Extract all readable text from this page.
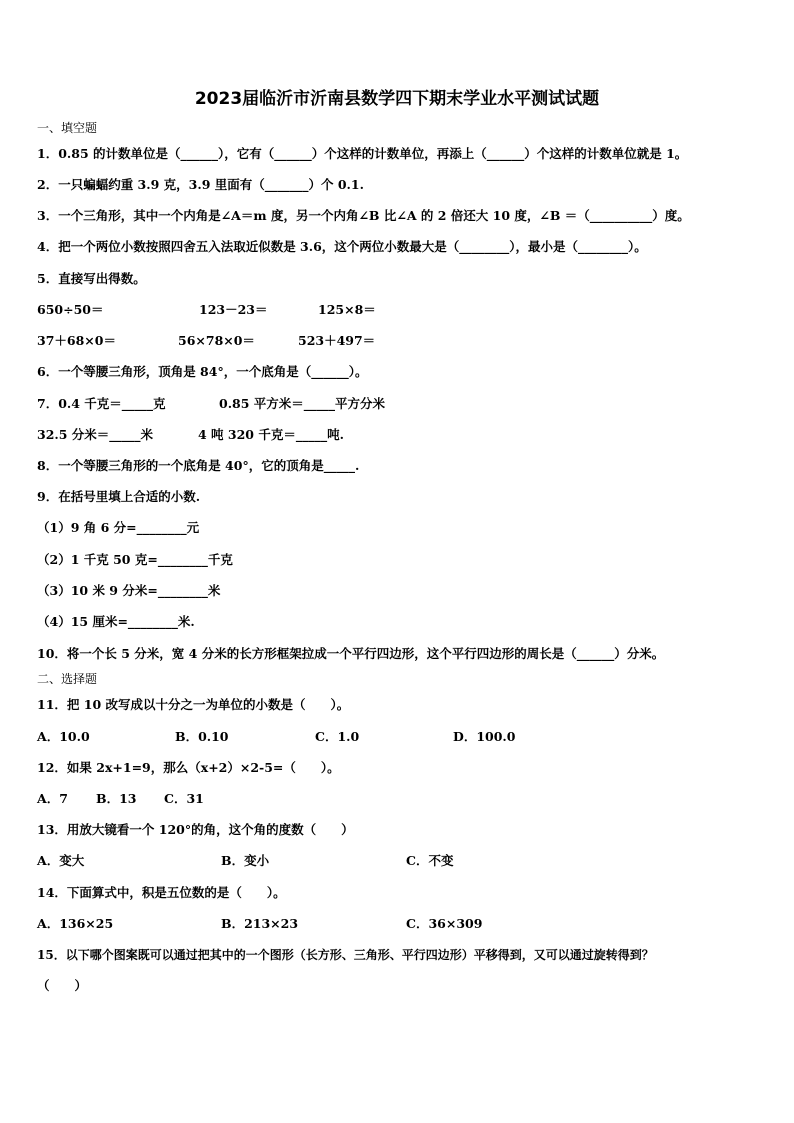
2023届临沂市沂南县数学四下期末学业水平测试试题
一、填空题
1．0.85 的计数单位是（______），它有（______）个这样的计数单位，再添上（______）个这样的计数单位就是 1。
2．一只蝙蝠约重 3.9 克，3.9 里面有（_______）个 0.1.
3．一个三角形，其中一个内角是∠A＝m 度，另一个内角∠B 比∠A 的 2 倍还大 10 度，∠B ＝（__________）度。
4．把一个两位小数按照四舍五入法取近似数是 3.6，这个两位小数最大是（________），最小是（________）。
5．直接写出得数。
650÷50＝	123－23＝	125×8＝
37＋68×0＝	56×78×0＝	523＋497＝
6．一个等腰三角形，顶角是 84°，一个底角是（______）。
7．0.4 千克＝_____克	0.85 平方米＝_____平方分米
32.5 分米＝_____米	4 吨 320 千克＝_____吨.
8．一个等腰三角形的一个底角是 40°，它的顶角是_____.
9．在括号里填上合适的小数.
（1）9 角 6 分=________元
（2）1 千克 50 克=________千克
（3）10 米 9 分米=________米
（4）15 厘米=________米.
10．将一个长 5 分米，宽 4 分米的长方形框架拉成一个平行四边形，这个平行四边形的周长是（______）分米。
二、选择题
11．把 10 改写成以十分之一为单位的小数是（　　）。
A．10.0	B．0.10	C．1.0	D．100.0
12．如果 2x+1=9，那么（x+2）×2-5=（　　）。
A．7 B．13 C．31
13．用放大镜看一个 120°的角，这个角的度数（　　）
A．变大	B．变小	C．不变
14．下面算式中，积是五位数的是（　　）。
A．136×25	B．213×23	C．36×309
15．以下哪个图案既可以通过把其中的一个图形（长方形、三角形、平行四边形）平移得到，又可以通过旋转得到？
（　　）
